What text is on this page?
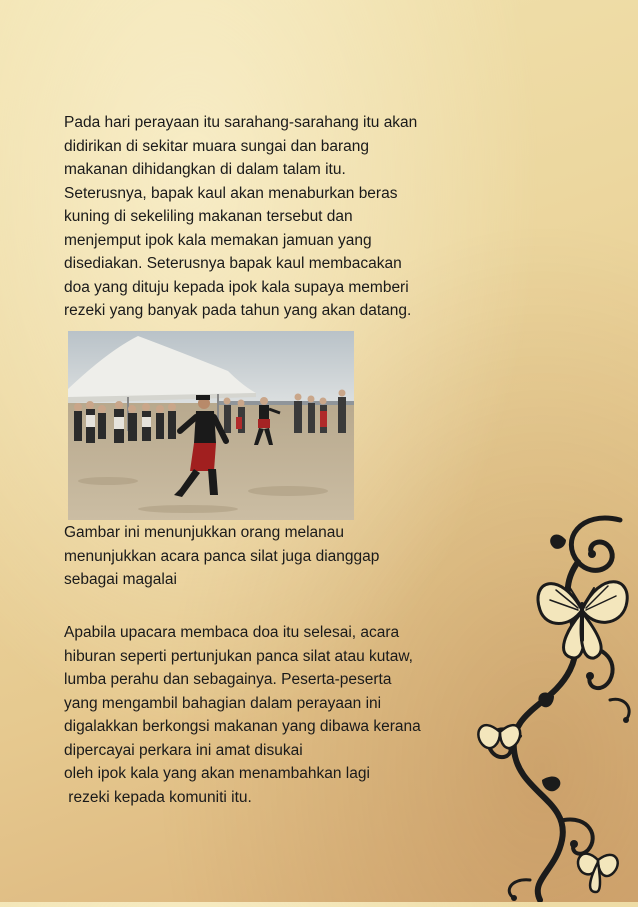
Pada hari perayaan itu sarahang-sarahang itu akan
didirikan di sekitar muara sungai dan barang
makanan dihidangkan di dalam talam itu.
Seterusnya, bapak kaul akan menaburkan beras
kuning di sekeliling makanan tersebut dan
menjemput ipok kala memakan jamuan yang
disediakan. Seterusnya bapak kaul membacakan
doa yang dituju kepada ipok kala supaya memberi
rezeki yang banyak pada tahun yang akan datang.
Gambar ini menunjukkan orang melanau
menunjukkan acara panca silat juga dianggap
sebagai magalai
Apabila upacara membaca doa itu selesai, acara
hiburan seperti pertunjukan panca silat atau kutaw,
lumba perahu dan sebagainya. Peserta-peserta
yang mengambil bahagian dalam perayaan ini
digalakkan berkongsi makanan yang dibawa kerana
dipercayai perkara ini amat disukai
oleh ipok kala yang akan menambahkan lagi
rezeki kepada komuniti itu.
